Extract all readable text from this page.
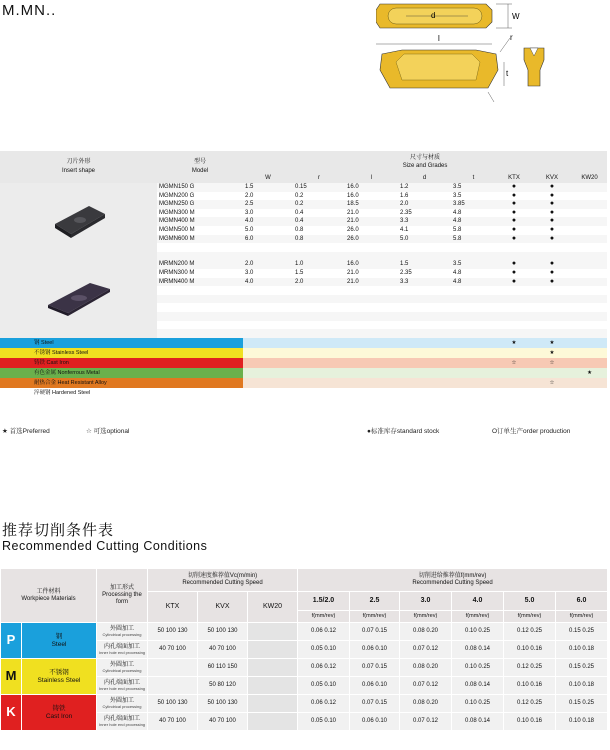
M.MN..	d	W
l	r
t
刀片外形
Insert shape	型号
Model	尺寸与材质
Size and Grades							
		W	r	l	d	t	KTX	KVX	KW20
	MGMN150 G	1.5	0.15	16.0	1.2	3.5	●	●	
	MGMN200 G	2.0	0.2	16.0	1.6	3.5	●	●	
	MGMN250 G	2.5	0.2	18.5	2.0	3.85	●	●	
	MGMN300 M	3.0	0.4	21.0	2.35	4.8	●	●	
	MGMN400 M	4.0	0.4	21.0	3.3	4.8	●	●	
	MGMN500 M	5.0	0.8	26.0	4.1	5.8	●	●	
	MGMN600 M	6.0	0.8	26.0	5.0	5.8	●	●	

	MRMN200 M	2.0	1.0	16.0	1.5	3.5	●	●	
	MRMN300 M	3.0	1.5	21.0	2.35	4.8	●	●	
	MRMN400 M	4.0	2.0	21.0	3.3	4.8	●	●	

钢 Steel							★	★	
不锈钢 Stainless Steel								★	
铸铁 Cast Iron							☆	☆	
有色金属 Nonferrous Metal									★
耐热合金 Heat Resistant Alloy								☆	
淬硬钢 Hardened Steel									
★ 首选Preferred	☆ 可选optional	●标准库存standard stock	O订单生产order production
推荐切削条件表
Recommended Cutting Conditions
工件材料
Workpiece Materials		加工形式
Processing the form	切削速度推荐值Vc(m/min)
Recommended Cutting Speed			切削进给推荐值f(mm/rev)
Recommended Cutting Speed					
			KTX	KVX	KW20	1.5/2.0	2.5	3.0	4.0	5.0	6.0
						f(mm/rev)	f(mm/rev)	f(mm/rev)	f(mm/rev)	f(mm/rev)	f(mm/rev)
P	钢
Steel	外圆加工
Cylindrical processing	50 100 130	50 100 130		0.06 0.12	0.07 0.15	0.08 0.20	0.10 0.25	0.12 0.25	0.15 0.25
		内孔端面加工
Inner hole end processing	40 70 100	40 70 100		0.05 0.10	0.06 0.10	0.07 0.12	0.08 0.14	0.10 0.16	0.10 0.18
M	不锈钢
Stainless Steel	外圆加工
Cylindrical processing		60 110 150		0.06 0.12	0.07 0.15	0.08 0.20	0.10 0.25	0.12 0.25	0.15 0.25
		内孔端面加工
Inner hole end processing		50 80 120		0.05 0.10	0.06 0.10	0.07 0.12	0.08 0.14	0.10 0.16	0.10 0.18
K	铸铁
Cast Iron	外圆加工
Cylindrical processing	50 100 130	50 100 130		0.06 0.12	0.07 0.15	0.08 0.20	0.10 0.25	0.12 0.25	0.15 0.25
		内孔端面加工
Inner hole end processing	40 70 100	40 70 100		0.05 0.10	0.06 0.10	0.07 0.12	0.08 0.14	0.10 0.16	0.10 0.18
